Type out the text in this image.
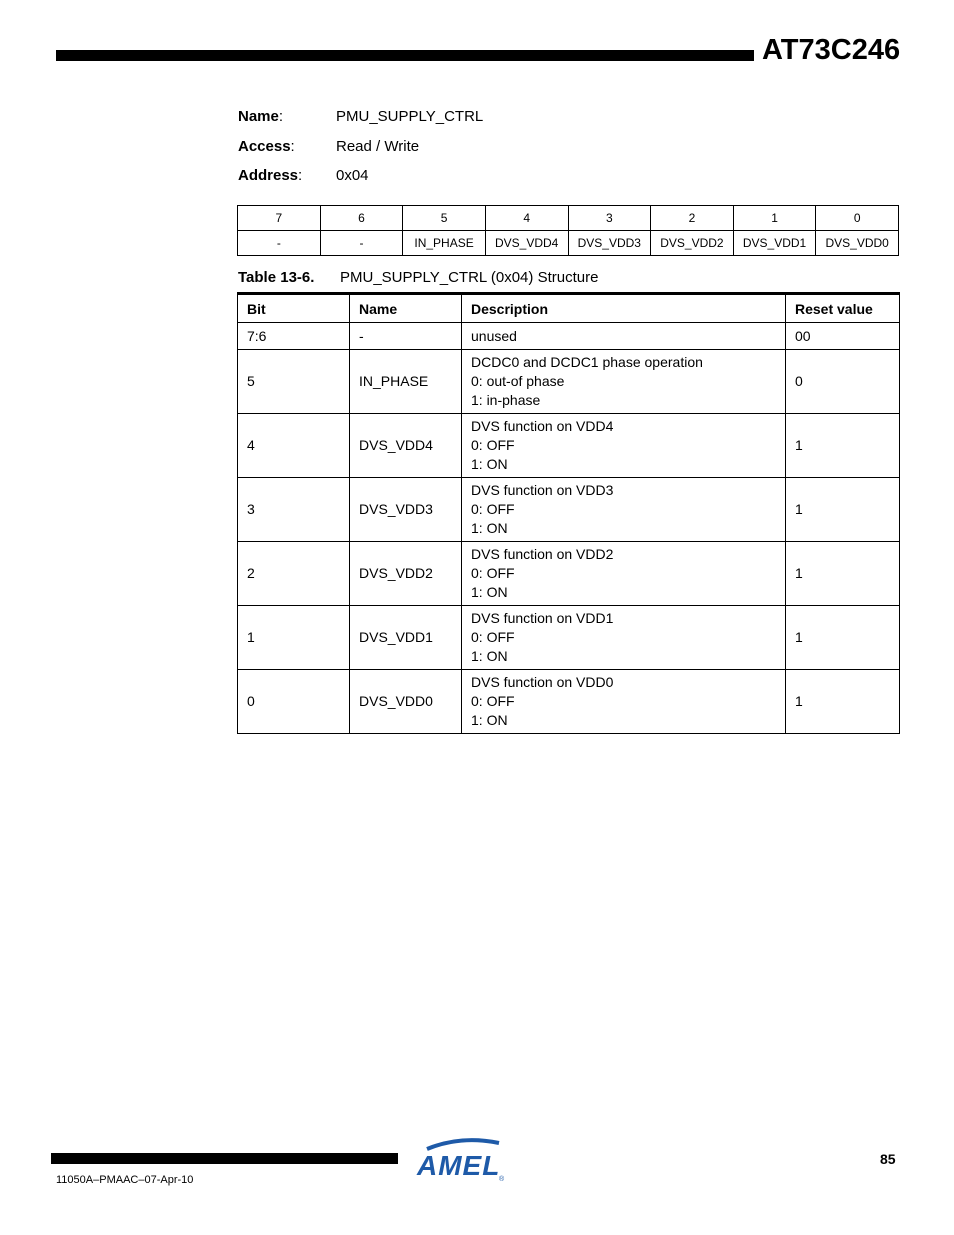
AT73C246
Name:	PMU_SUPPLY_CTRL
Access:	Read / Write
Address: 0x04
7	6	5	4	3	2	1	0
-	-	IN_PHASE	DVS_VDD4	DVS_VDD3	DVS_VDD2	DVS_VDD1	DVS_VDD0
Table 13-6. PMU_SUPPLY_CTRL (0x04) Structure
Bit	Name	Description	Reset value
7:6	-	unused	00
5	IN_PHASE	DCDC0 and DCDC1 phase operation
0: out-of phase
1: in-phase	0
4	DVS_VDD4	DVS function on VDD4
0: OFF
1: ON	1
3	DVS_VDD3	DVS function on VDD3
0: OFF
1: ON	1
2	DVS_VDD2	DVS function on VDD2
0: OFF
1: ON	1
1	DVS_VDD1	DVS function on VDD1
0: OFF
1: ON	1
0	DVS_VDD0	DVS function on VDD0
0: OFF
1: ON	1
AMEL
®
85
11050A–PMAAC–07-Apr-10
